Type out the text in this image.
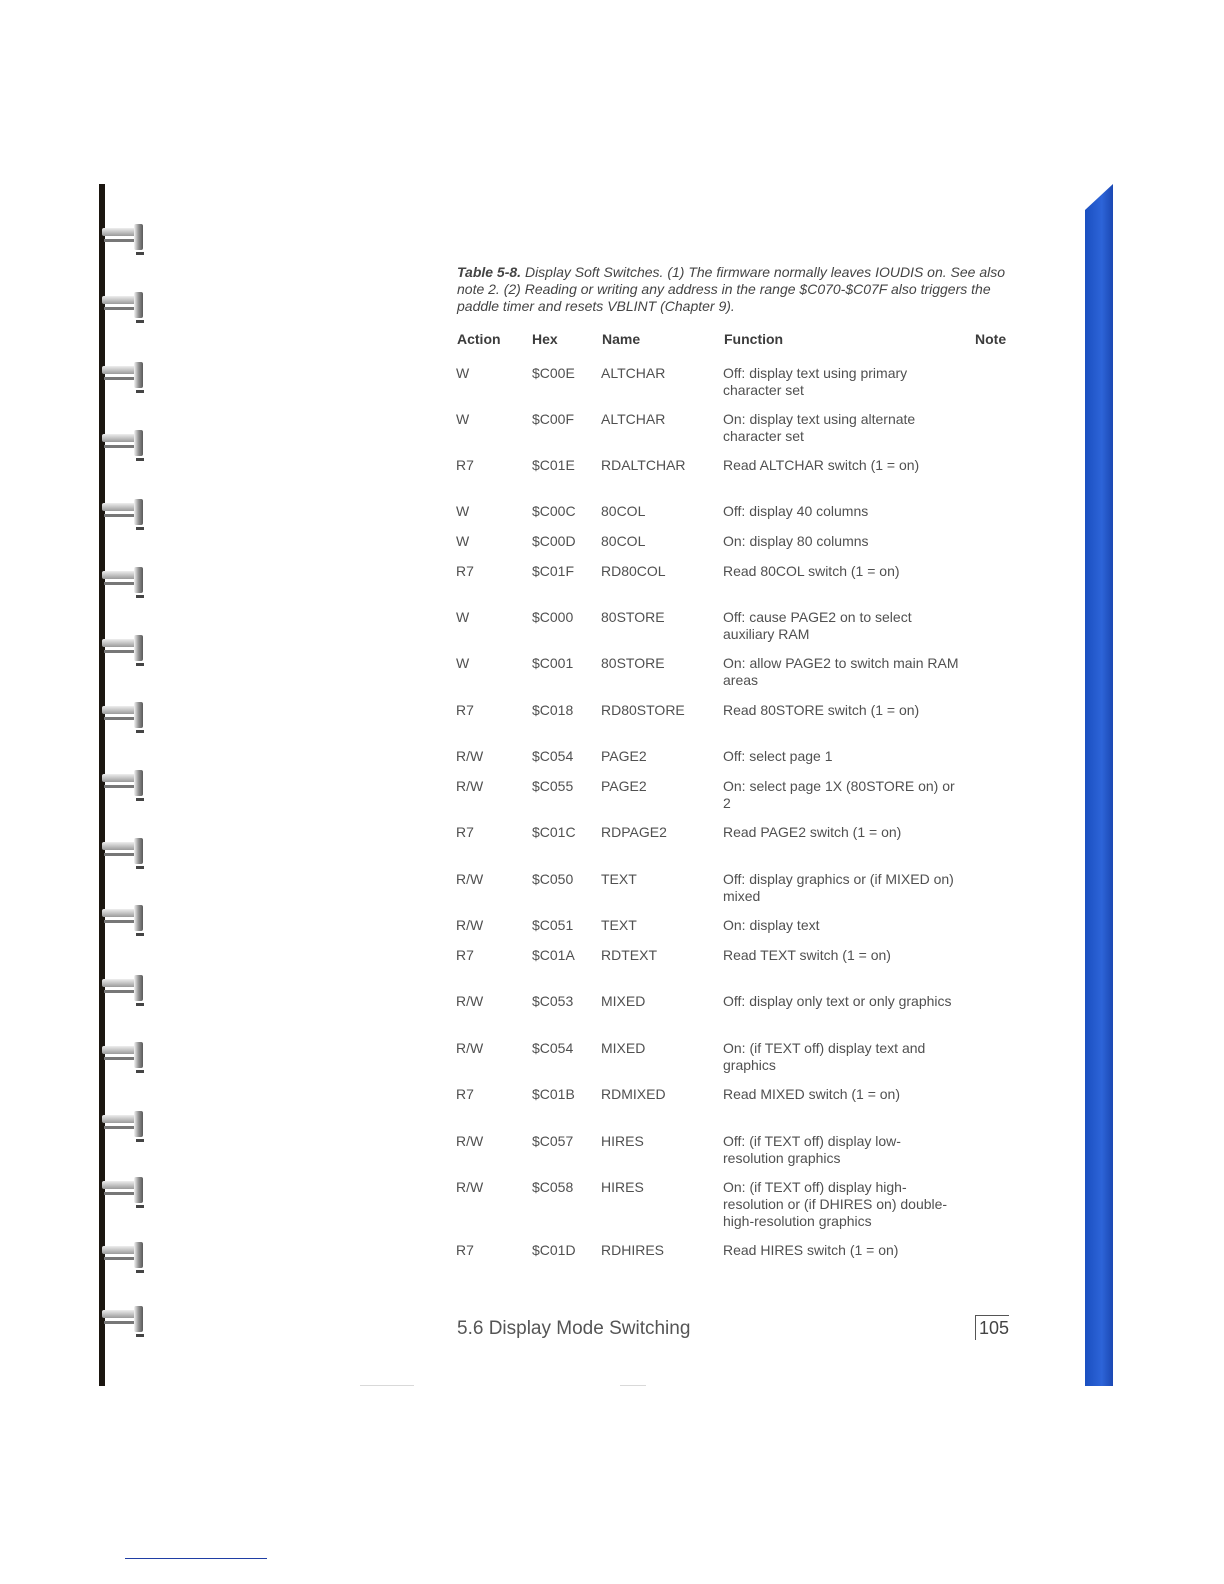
Table 5-8. Display Soft Switches. (1) The firmware normally leaves IOUDIS on. See also note 2. (2) Reading or writing any address in the range $C070-$C07F also triggers the paddle timer and resets VBLINT (Chapter 9).
Action Hex	Name	Function	Note
W	$C00E ALTCHAR	Off: display text using primary character set
W	$C00F ALTCHAR	On: display text using alternate character set
R7	$C01E RDALTCHAR	Read ALTCHAR switch (1 = on)
W	$C00C 80COL	Off: display 40 columns
W	$C00D 80COL	On: display 80 columns
R7	$C01F RD80COL	Read 80COL switch (1 = on)
W	$C000 80STORE	Off: cause PAGE2 on to select auxiliary RAM
W	$C001 80STORE	On: allow PAGE2 to switch main RAM areas
R7	$C018 RD80STORE	Read 80STORE switch (1 = on)
R/W	$C054 PAGE2	Off: select page 1
R/W	$C055 PAGE2	On: select page 1X (80STORE on) or 2
R7	$C01C RDPAGE2	Read PAGE2 switch (1 = on)
R/W	$C050 TEXT	Off: display graphics or (if MIXED on) mixed
R/W	$C051 TEXT	On: display text
R7	$C01A RDTEXT	Read TEXT switch (1 = on)
R/W	$C053 MIXED	Off: display only text or only graphics
R/W	$C054 MIXED	On: (if TEXT off) display text and graphics
R7	$C01B RDMIXED	Read MIXED switch (1 = on)
R/W	$C057 HIRES	Off: (if TEXT off) display low-resolution graphics
R/W	$C058 HIRES	On: (if TEXT off) display high-resolution or (if DHIRES on) double-high-resolution graphics
R7	$C01D RDHIRES	Read HIRES switch (1 = on)
5.6 Display Mode Switching	105
